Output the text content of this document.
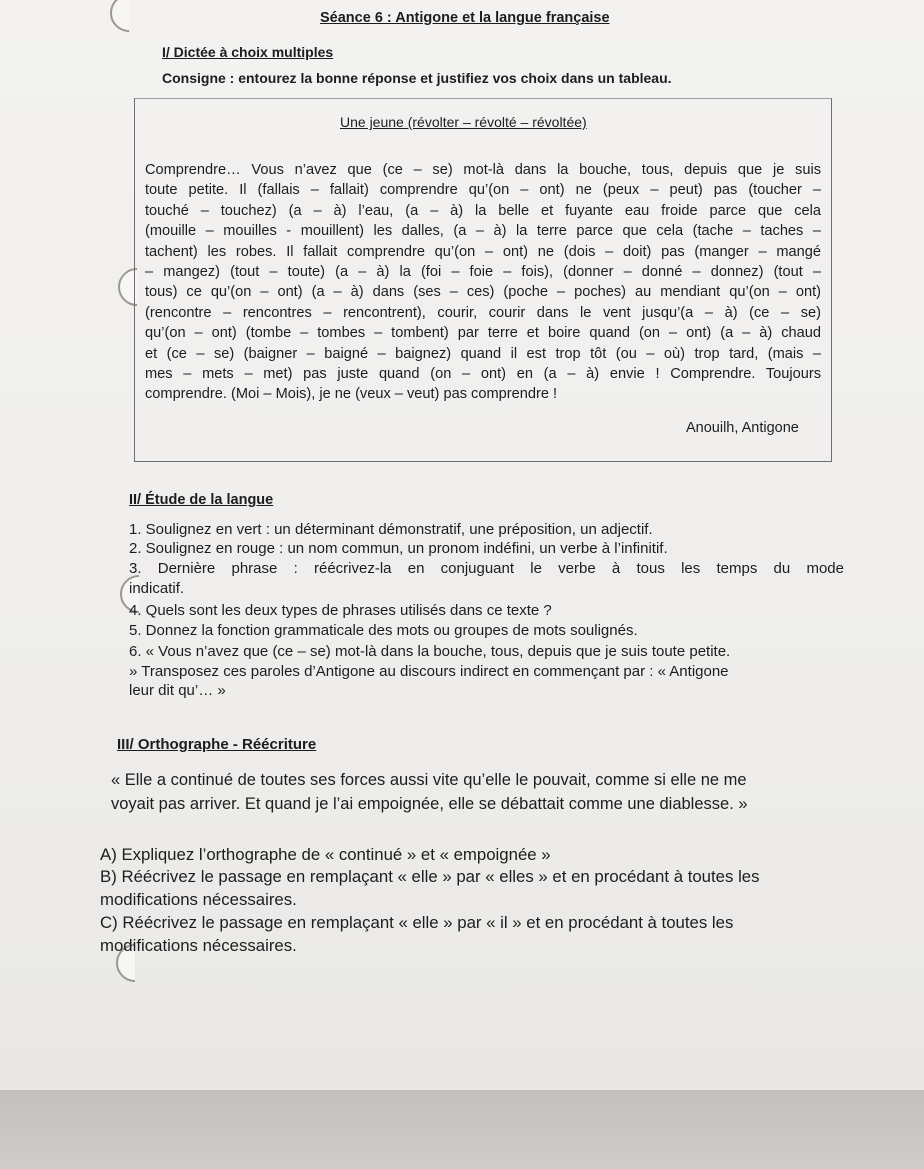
Séance 6 : Antigone et la langue française
I/ Dictée à choix multiples
Consigne : entourez la bonne réponse et justifiez vos choix dans un tableau.
Une jeune (révolter – révolté – révoltée)
Comprendre… Vous n’avez que (ce – se) mot-là dans la bouche, tous, depuis que je suis
toute petite. Il (fallais – fallait) comprendre qu’(on – ont) ne (peux – peut) pas (toucher –
touché – touchez) (a – à) l’eau, (a – à) la belle et fuyante eau froide parce que cela
(mouille – mouilles - mouillent) les dalles, (a – à) la terre parce que cela (tache – taches –
tachent) les robes. Il fallait comprendre qu’(on – ont) ne (dois – doit) pas (manger – mangé
– mangez) (tout – toute) (a – à) la (foi – foie – fois), (donner – donné – donnez) (tout –
tous) ce qu’(on – ont) (a – à) dans (ses – ces) (poche – poches) au mendiant qu’(on – ont)
(rencontre – rencontres – rencontrent), courir, courir dans le vent jusqu’(a – à) (ce – se)
qu’(on – ont) (tombe – tombes – tombent) par terre et boire quand (on – ont) (a – à) chaud
et (ce – se) (baigner – baigné – baignez) quand il est trop tôt (ou – où) trop tard, (mais –
mes – mets – met) pas juste quand (on – ont) en (a – à) envie ! Comprendre. Toujours
comprendre. (Moi – Mois), je ne (veux – veut) pas comprendre !
Anouilh, Antigone
II/ Étude de la langue
1. Soulignez en vert : un déterminant démonstratif, une préposition, un adjectif.
2. Soulignez en rouge : un nom commun, un pronom indéfini, un verbe à l’infinitif.
3. Dernière phrase : réécrivez-la en conjuguant le verbe à tous les temps du mode
indicatif.
4. Quels sont les deux types de phrases utilisés dans ce texte ?
5. Donnez la fonction grammaticale des mots ou groupes de mots soulignés.
6. « Vous n’avez que (ce – se) mot-là dans la bouche, tous, depuis que je suis toute petite.
» Transposez ces paroles d’Antigone au discours indirect en commençant par : « Antigone
leur dit qu’… »
III/ Orthographe - Réécriture
« Elle a continué de toutes ses forces aussi vite qu’elle le pouvait, comme si elle ne me
voyait pas arriver. Et quand je l’ai empoignée, elle se débattait comme une diablesse. »
A) Expliquez l’orthographe de « continué » et « empoignée »
B) Réécrivez le passage en remplaçant « elle » par « elles » et en procédant à toutes les
modifications nécessaires.
C) Réécrivez le passage en remplaçant « elle » par « il » et en procédant à toutes les
modifications nécessaires.
